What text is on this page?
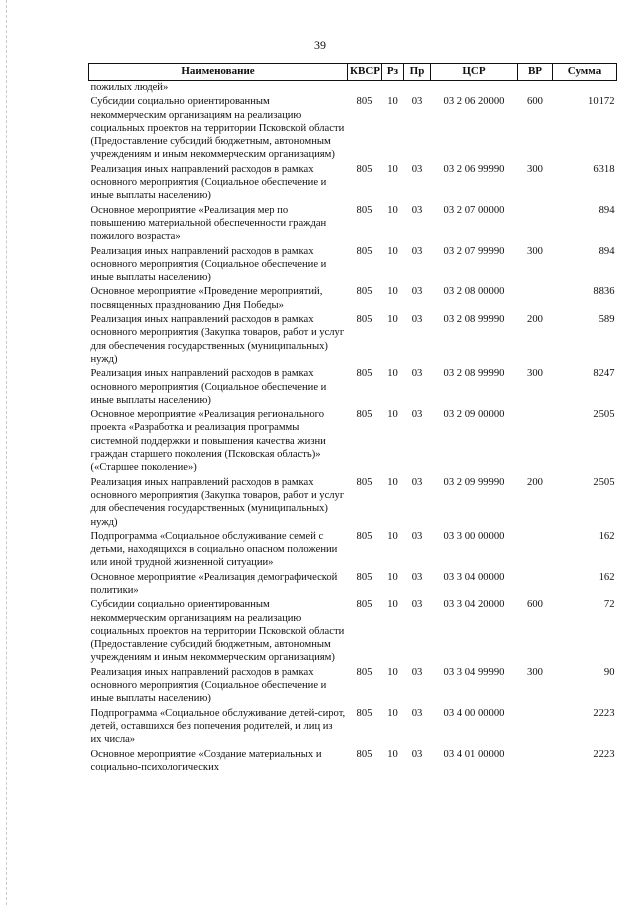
39
Наименование	КВСР	Рз	Пр	ЦСР	ВР	Сумма
пожилых людей»						
Субсидии социально ориентированным некоммерческим организациям на реализацию социальных проектов на территории Псковской области (Предоставление субсидий бюджетным, автономным учреждениям и иным некоммерческим организациям)	805	10	03	03 2 06 20000	600	10172
Реализация иных направлений расходов в рамках основного мероприятия (Социальное обеспечение и иные выплаты населению)	805	10	03	03 2 06 99990	300	6318
Основное мероприятие «Реализация мер по повышению материальной обеспеченности граждан пожилого возраста»	805	10	03	03 2 07 00000		894
Реализация иных направлений расходов в рамках основного мероприятия (Социальное обеспечение и иные выплаты населению)	805	10	03	03 2 07 99990	300	894
Основное мероприятие «Проведение мероприятий, посвященных празднованию Дня Победы»	805	10	03	03 2 08 00000		8836
Реализация иных направлений расходов в рамках основного мероприятия (Закупка товаров, работ и услуг для обеспечения государственных (муниципальных) нужд)	805	10	03	03 2 08 99990	200	589
Реализация иных направлений расходов в рамках основного мероприятия (Социальное обеспечение и иные выплаты населению)	805	10	03	03 2 08 99990	300	8247
Основное мероприятие «Реализация регионального проекта «Разработка и реализация программы системной поддержки и повышения качества жизни граждан старшего поколения (Псковская область)» («Старшее поколение»)	805	10	03	03 2 09 00000		2505
Реализация иных направлений расходов в рамках основного мероприятия (Закупка товаров, работ и услуг для обеспечения государственных (муниципальных) нужд)	805	10	03	03 2 09 99990	200	2505
Подпрограмма «Социальное обслуживание семей с детьми, находящихся в социально опасном положении или иной трудной жизненной ситуации»	805	10	03	03 3 00 00000		162
Основное мероприятие «Реализация демографической политики»	805	10	03	03 3 04 00000		162
Субсидии социально ориентированным некоммерческим организациям на реализацию социальных проектов на территории Псковской области (Предоставление субсидий бюджетным, автономным учреждениям и иным некоммерческим организациям)	805	10	03	03 3 04 20000	600	72
Реализация иных направлений расходов в рамках основного мероприятия (Социальное обеспечение и иные выплаты населению)	805	10	03	03 3 04 99990	300	90
Подпрограмма «Социальное обслуживание детей-сирот, детей, оставшихся без попечения родителей, и лиц из их числа»	805	10	03	03 4 00 00000		2223
Основное мероприятие «Создание материальных и социально-психологических	805	10	03	03 4 01 00000		2223
